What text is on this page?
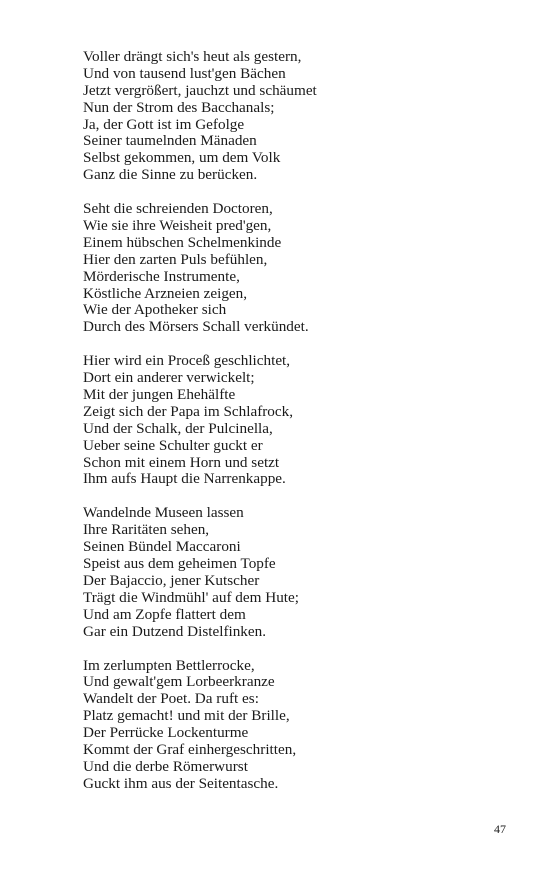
Voller drängt sich's heut als gestern,
Und von tausend lust'gen Bächen
Jetzt vergrößert, jauchzt und schäumet
Nun der Strom des Bacchanals;
Ja, der Gott ist im Gefolge
Seiner taumelnden Mänaden
Selbst gekommen, um dem Volk
Ganz die Sinne zu berücken.
Seht die schreienden Doctoren,
Wie sie ihre Weisheit pred'gen,
Einem hübschen Schelmenkinde
Hier den zarten Puls befühlen,
Mörderische Instrumente,
Köstliche Arzneien zeigen,
Wie der Apotheker sich
Durch des Mörsers Schall verkündet.
Hier wird ein Proceß geschlichtet,
Dort ein anderer verwickelt;
Mit der jungen Ehehälfte
Zeigt sich der Papa im Schlafrock,
Und der Schalk, der Pulcinella,
Ueber seine Schulter guckt er
Schon mit einem Horn und setzt
Ihm aufs Haupt die Narrenkappe.
Wandelnde Museen lassen
Ihre Raritäten sehen,
Seinen Bündel Maccaroni
Speist aus dem geheimen Topfe
Der Bajaccio, jener Kutscher
Trägt die Windmühl' auf dem Hute;
Und am Zopfe flattert dem
Gar ein Dutzend Distelfinken.
Im zerlumpten Bettlerrocke,
Und gewalt'gem Lorbeerkranze
Wandelt der Poet. Da ruft es:
Platz gemacht! und mit der Brille,
Der Perrücke Lockenturme
Kommt der Graf einhergeschritten,
Und die derbe Römerwurst
Guckt ihm aus der Seitentasche.
47
